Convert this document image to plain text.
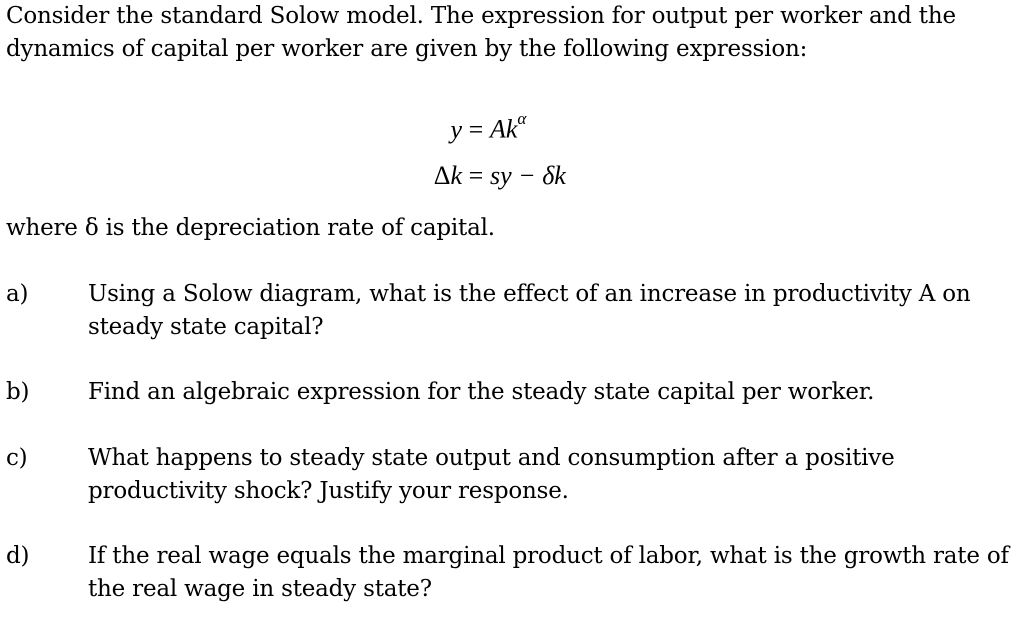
Consider the standard Solow model. The expression for output per worker and the dynamics of capital per worker are given by the following expression:
$y = Ak^\alpha$
Δk = sy − δk
where δ is the depreciation rate of capital.
a)	Using a Solow diagram, what is the effect of an increase in productivity A on steady state capital?
b)	Find an algebraic expression for the steady state capital per worker.
c)	What happens to steady state output and consumption after a positive productivity shock? Justify your response.
d)	If the real wage equals the marginal product of labor, what is the growth rate of the real wage in steady state?
